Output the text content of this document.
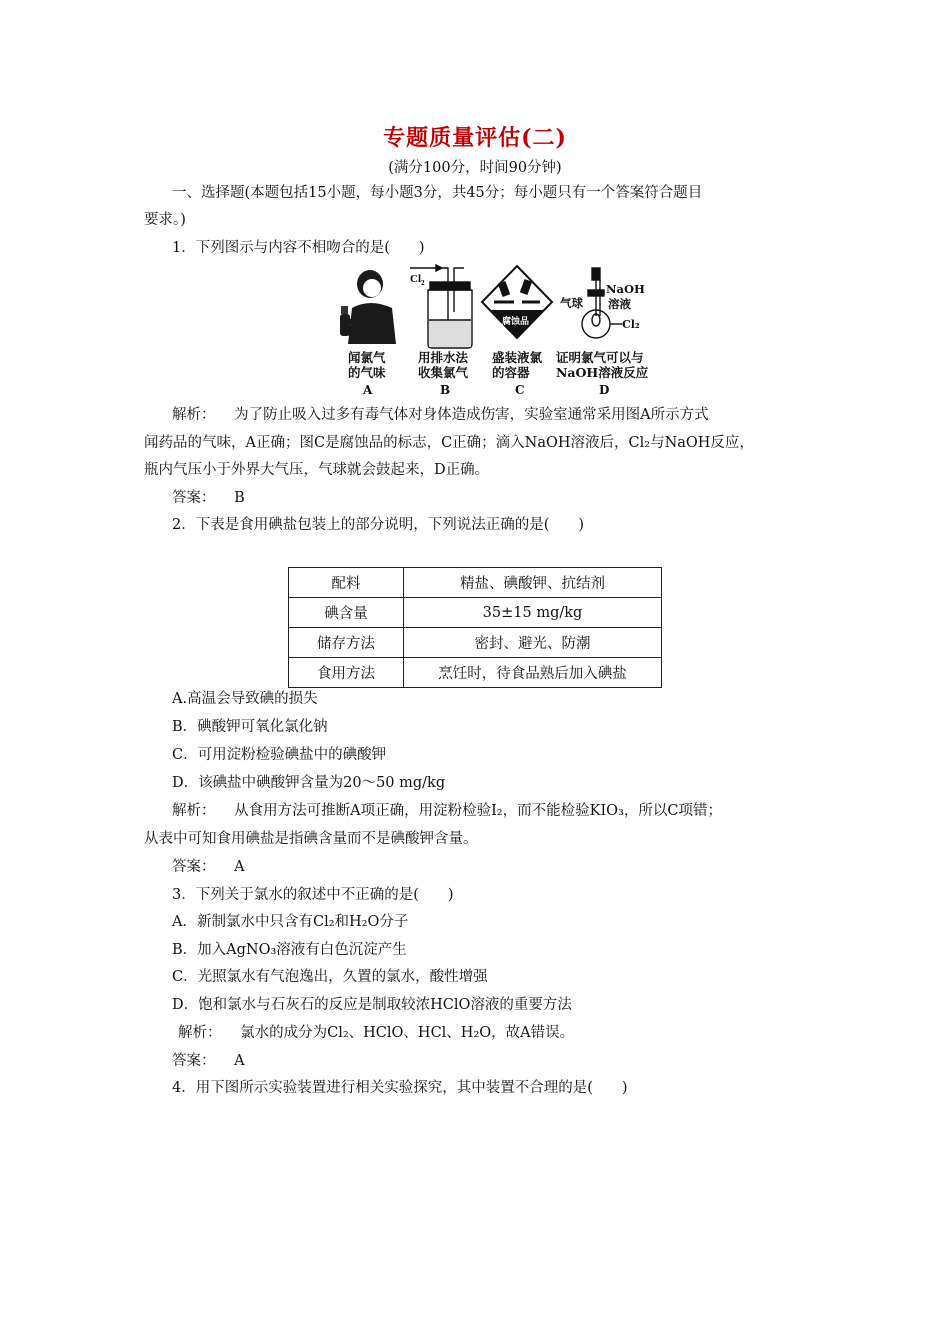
专题质量评估(二)
(满分100分，时间90分钟)
一、选择题(本题包括15小题，每小题3分，共45分；每小题只有一个答案符合题目
要求。)
1．下列图示与内容不相吻合的是(　　)
Cl 2
闻氯气
的气味
A
用排水法
收集氯气
B
腐蚀品
盛装液氯
的容器
C
NaOH
溶液
气球
Cl₂
证明氯气可以与
NaOH溶液反应
D
解析： 为了防止吸入过多有毒气体对身体造成伤害，实验室通常采用图A所示方式
闻药品的气味，A正确；图C是腐蚀品的标志，C正确；滴入NaOH溶液后，Cl₂与NaOH反应，
瓶内气压小于外界大气压，气球就会鼓起来，D正确。
答案： B
2．下表是食用碘盐包装上的部分说明，下列说法正确的是(　　)
配料	精盐、碘酸钾、抗结剂
碘含量	35±15 mg/kg
储存方法	密封、避光、防潮
食用方法	烹饪时，待食品熟后加入碘盐
A.高温会导致碘的损失
B．碘酸钾可氧化氯化钠
C．可用淀粉检验碘盐中的碘酸钾
D．该碘盐中碘酸钾含量为20～50 mg/kg
解析： 从食用方法可推断A项正确，用淀粉检验I₂，而不能检验KIO₃，所以C项错；
从表中可知食用碘盐是指碘含量而不是碘酸钾含量。
答案： A
3．下列关于氯水的叙述中不正确的是(　　)
A．新制氯水中只含有Cl₂和H₂O分子
B．加入AgNO₃溶液有白色沉淀产生
C．光照氯水有气泡逸出，久置的氯水，酸性增强
D．饱和氯水与石灰石的反应是制取较浓HClO溶液的重要方法
解析： 氯水的成分为Cl₂、HClO、HCl、H₂O，故A错误。
答案： A
4．用下图所示实验装置进行相关实验探究，其中装置不合理的是(　　)
